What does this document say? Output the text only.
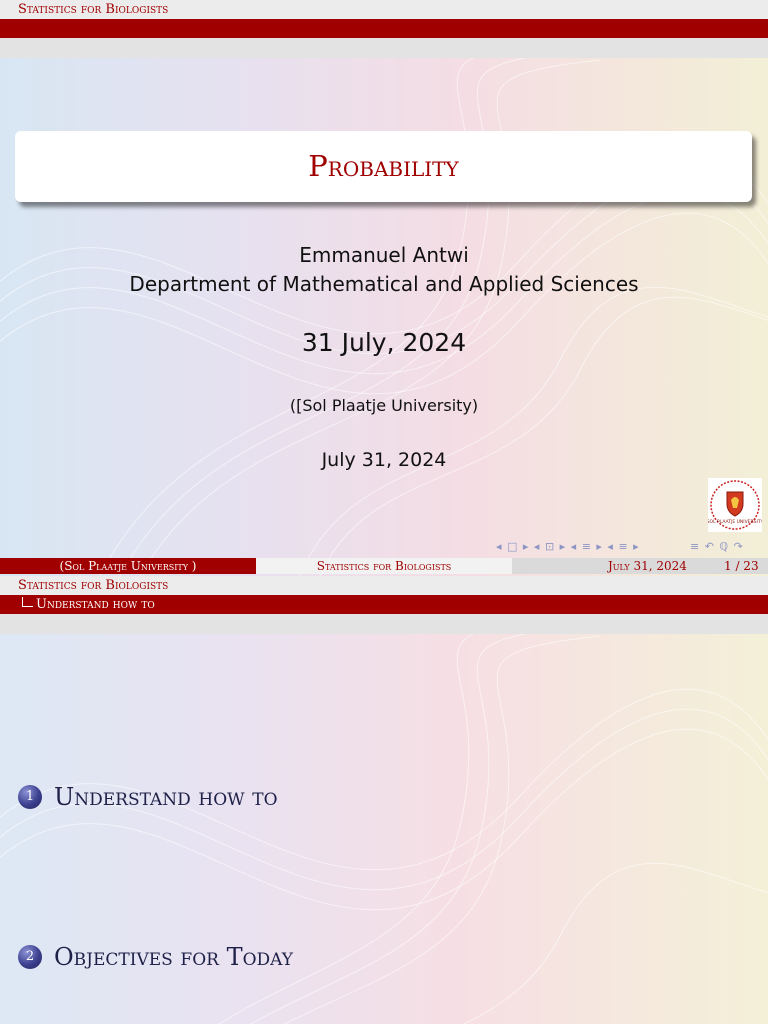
Statistics for Biologists
Probability
Emmanuel Antwi
Department of Mathematical and Applied Sciences
31 July, 2024
([Sol Plaatje University)
July 31, 2024
SOL PLAATJE UNIVERSITY
◂ □ ▸ ◂ ⊡ ▸ ◂ ≡ ▸ ◂ ≡ ▸	≡ ↶ ℚ ↷
(Sol Plaatje University )	Statistics for Biologists	July 31, 2024	1 / 23
Statistics for Biologists
Understand how to
1 Understand how to
2 Objectives for Today
